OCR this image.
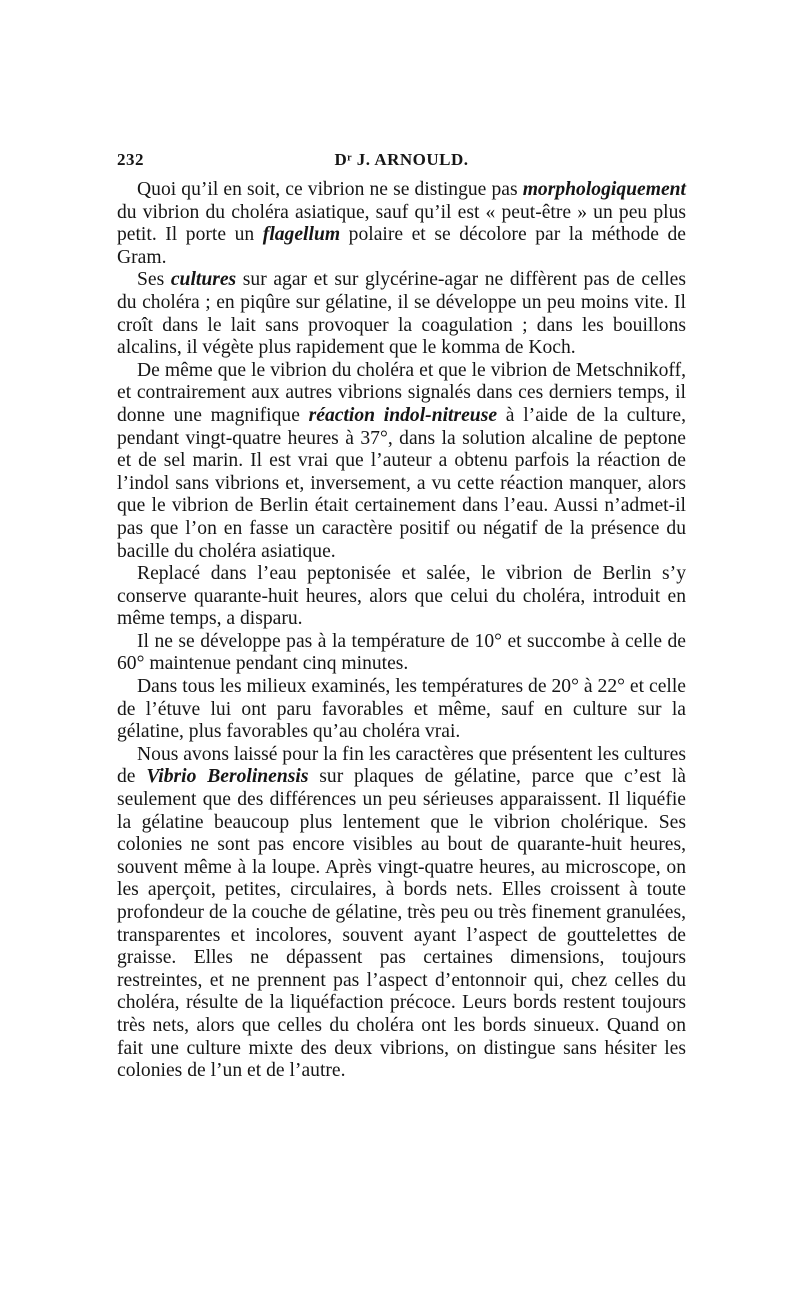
232	Dʳ J. ARNOULD.

Quoi qu’il en soit, ce vibrion ne se distingue pas morphologiquement du vibrion du choléra asiatique, sauf qu’il est « peut-être » un peu plus petit. Il porte un flagellum polaire et se décolore par la méthode de Gram.

Ses cultures sur agar et sur glycérine-agar ne diffèrent pas de celles du choléra ; en piqûre sur gélatine, il se développe un peu moins vite. Il croît dans le lait sans provoquer la coagulation ; dans les bouillons alcalins, il végète plus rapidement que le komma de Koch.

De même que le vibrion du choléra et que le vibrion de Metschnikoff, et contrairement aux autres vibrions signalés dans ces derniers temps, il donne une magnifique réaction indol-nitreuse à l’aide de la culture, pendant vingt-quatre heures à 37°, dans la solution alcaline de peptone et de sel marin. Il est vrai que l’auteur a obtenu parfois la réaction de l’indol sans vibrions et, inversement, a vu cette réaction manquer, alors que le vibrion de Berlin était certainement dans l’eau. Aussi n’admet-il pas que l’on en fasse un caractère positif ou négatif de la présence du bacille du choléra asiatique.

Replacé dans l’eau peptonisée et salée, le vibrion de Berlin s’y conserve quarante-huit heures, alors que celui du choléra, introduit en même temps, a disparu.

Il ne se développe pas à la température de 10° et succombe à celle de 60° maintenue pendant cinq minutes.

Dans tous les milieux examinés, les températures de 20° à 22° et celle de l’étuve lui ont paru favorables et même, sauf en culture sur la gélatine, plus favorables qu’au choléra vrai.

Nous avons laissé pour la fin les caractères que présentent les cultures de Vibrio Berolinensis sur plaques de gélatine, parce que c’est là seulement que des différences un peu sérieuses apparaissent. Il liquéfie la gélatine beaucoup plus lentement que le vibrion cholérique. Ses colonies ne sont pas encore visibles au bout de quarante-huit heures, souvent même à la loupe. Après vingt-quatre heures, au microscope, on les aperçoit, petites, circulaires, à bords nets. Elles croissent à toute profondeur de la couche de gélatine, très peu ou très finement granulées, transparentes et incolores, souvent ayant l’aspect de gouttelettes de graisse. Elles ne dépassent pas certaines dimensions, toujours restreintes, et ne prennent pas l’aspect d’entonnoir qui, chez celles du choléra, résulte de la liquéfaction précoce. Leurs bords restent toujours très nets, alors que celles du choléra ont les bords sinueux. Quand on fait une culture mixte des deux vibrions, on distingue sans hésiter les colonies de l’un et de l’autre.
